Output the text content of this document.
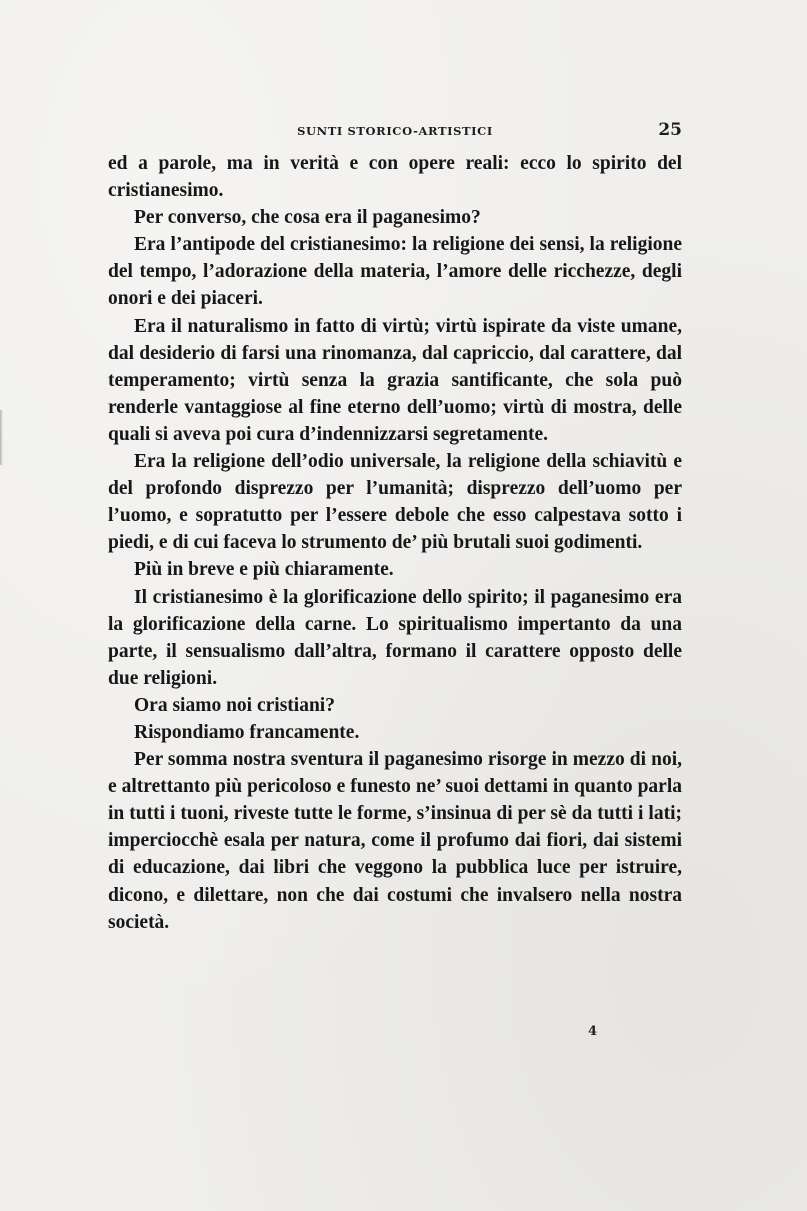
SUNTI STORICO-ARTISTICI	25

ed a parole, ma in verità e con opere reali: ecco lo spirito del cristianesimo.

Per converso, che cosa era il paganesimo?

Era l’antipode del cristianesimo: la religione dei sensi, la religione del tempo, l’adorazione della materia, l’amore delle ricchezze, degli onori e dei piaceri.

Era il naturalismo in fatto di virtù; virtù ispirate da viste umane, dal desiderio di farsi una rinomanza, dal capriccio, dal carattere, dal temperamento; virtù senza la grazia santificante, che sola può renderle vantaggiose al fine eterno dell’uomo; virtù di mostra, delle quali si aveva poi cura d’indennizzarsi segretamente.

Era la religione dell’odio universale, la religione della schiavitù e del profondo disprezzo per l’umanità; disprezzo dell’uomo per l’uomo, e sopratutto per l’essere debole che esso calpestava sotto i piedi, e di cui faceva lo strumento de’ più brutali suoi godimenti.

Più in breve e più chiaramente.

Il cristianesimo è la glorificazione dello spirito; il paganesimo era la glorificazione della carne. Lo spiritualismo impertanto da una parte, il sensualismo dall’altra, formano il carattere opposto delle due religioni.

Ora siamo noi cristiani?

Rispondiamo francamente.

Per somma nostra sventura il paganesimo risorge in mezzo di noi, e altrettanto più pericoloso e funesto ne’ suoi dettami in quanto parla in tutti i tuoni, riveste tutte le forme, s’insinua di per sè da tutti i lati; imperciocchè esala per natura, come il profumo dai fiori, dai sistemi di educazione, dai libri che veggono la pubblica luce per istruire, dicono, e dilettare, non che dai costumi che invalsero nella nostra società.

4
